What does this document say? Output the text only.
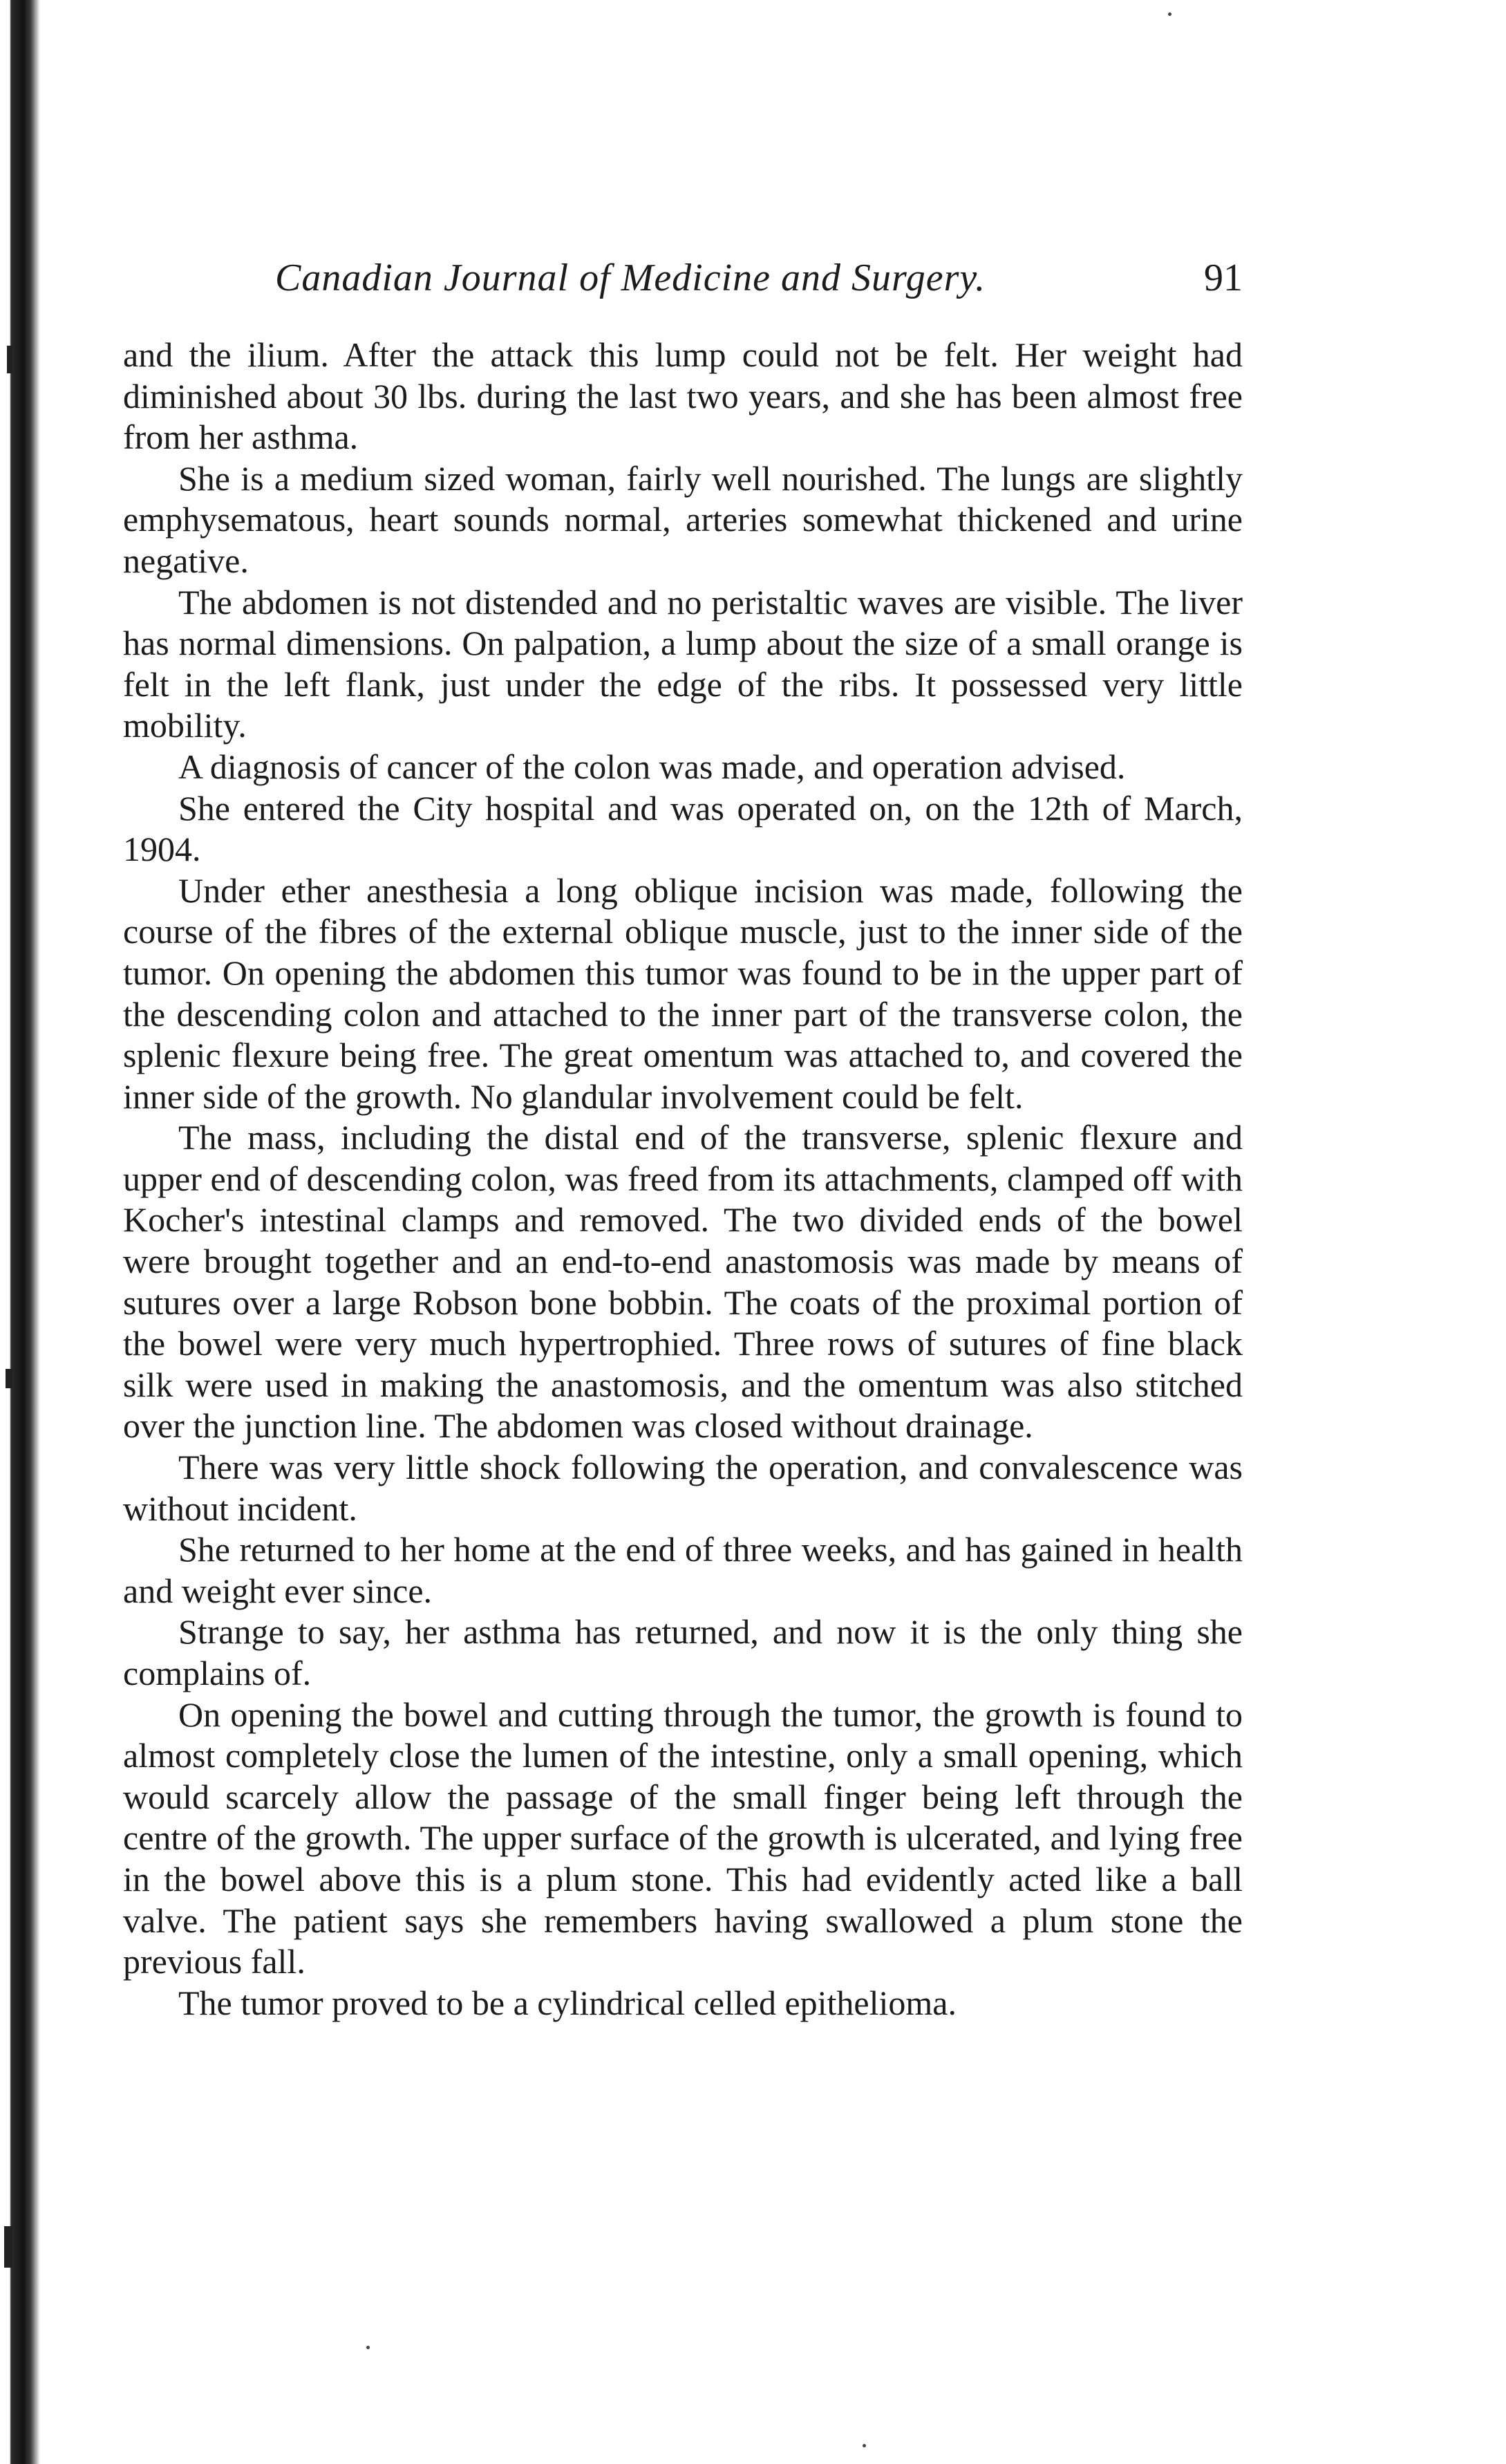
Canadian Journal of Medicine and Surgery.	91

and the ilium. After the attack this lump could not be felt. Her weight had diminished about 30 lbs. during the last two years, and she has been almost free from her asthma.

She is a medium sized woman, fairly well nourished. The lungs are slightly emphysematous, heart sounds normal, arteries somewhat thickened and urine negative.

The abdomen is not distended and no peristaltic waves are visible. The liver has normal dimensions. On palpation, a lump about the size of a small orange is felt in the left flank, just under the edge of the ribs. It possessed very little mobility.

A diagnosis of cancer of the colon was made, and operation advised.

She entered the City hospital and was operated on, on the 12th of March, 1904.

Under ether anesthesia a long oblique incision was made, following the course of the fibres of the external oblique muscle, just to the inner side of the tumor. On opening the abdomen this tumor was found to be in the upper part of the descending colon and attached to the inner part of the transverse colon, the splenic flexure being free. The great omentum was attached to, and covered the inner side of the growth. No glandular involvement could be felt.

The mass, including the distal end of the transverse, splenic flexure and upper end of descending colon, was freed from its attachments, clamped off with Kocher's intestinal clamps and removed. The two divided ends of the bowel were brought together and an end-to-end anastomosis was made by means of sutures over a large Robson bone bobbin. The coats of the proximal portion of the bowel were very much hypertrophied. Three rows of sutures of fine black silk were used in making the anastomosis, and the omentum was also stitched over the junction line. The abdomen was closed without drainage.

There was very little shock following the operation, and convalescence was without incident.

She returned to her home at the end of three weeks, and has gained in health and weight ever since.

Strange to say, her asthma has returned, and now it is the only thing she complains of.

On opening the bowel and cutting through the tumor, the growth is found to almost completely close the lumen of the intestine, only a small opening, which would scarcely allow the passage of the small finger being left through the centre of the growth. The upper surface of the growth is ulcerated, and lying free in the bowel above this is a plum stone. This had evidently acted like a ball valve. The patient says she remembers having swallowed a plum stone the previous fall.

The tumor proved to be a cylindrical celled epithelioma.
